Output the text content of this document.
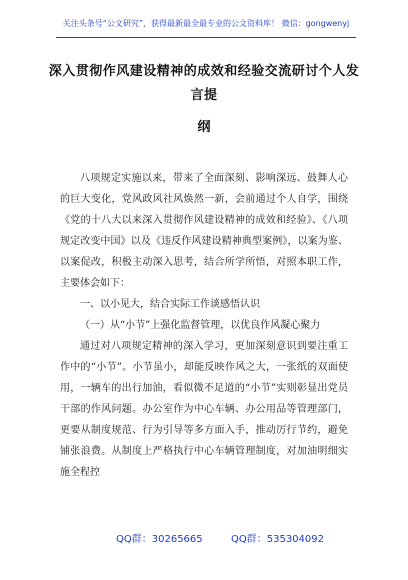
关注头条号“公文研究”，获得最新最全最专业的公文资料库！ 微信：gongwenyj
深入贯彻作风建设精神的成效和经验交流研讨个人发言提
纲

八项规定实施以来，带来了全面深刻、影响深远、鼓舞人心的巨大变化，党风政风社风焕然一新，会前通过个人自学，围绕《党的十八大以来深入贯彻作风建设精神的成效和经验》、《八项规定改变中国》以及《违反作风建设精神典型案例》，以案为鉴、以案促改，积极主动深入思考，结合所学所悟，对照本职工作，主要体会如下：

一、以小见大，结合实际工作谈感悟认识

（一）从“小节”上强化监督管理，以优良作风凝心聚力

通过对八项规定精神的深入学习，更加深刻意识到要注重工作中的“小节”。小节虽小，却能反映作风之大，一张纸的双面使用，一辆车的出行加油，看似微不足道的“小节”实则彰显出党员干部的作风问题。办公室作为中心车辆、办公用品等管理部门，更要从制度规范、行为引导等多方面入手，推动厉行节约，避免铺张浪费。从制度上严格执行中心车辆管理制度，对加油明细实施全程控

QQ群：30265665	QQ群：535304092
